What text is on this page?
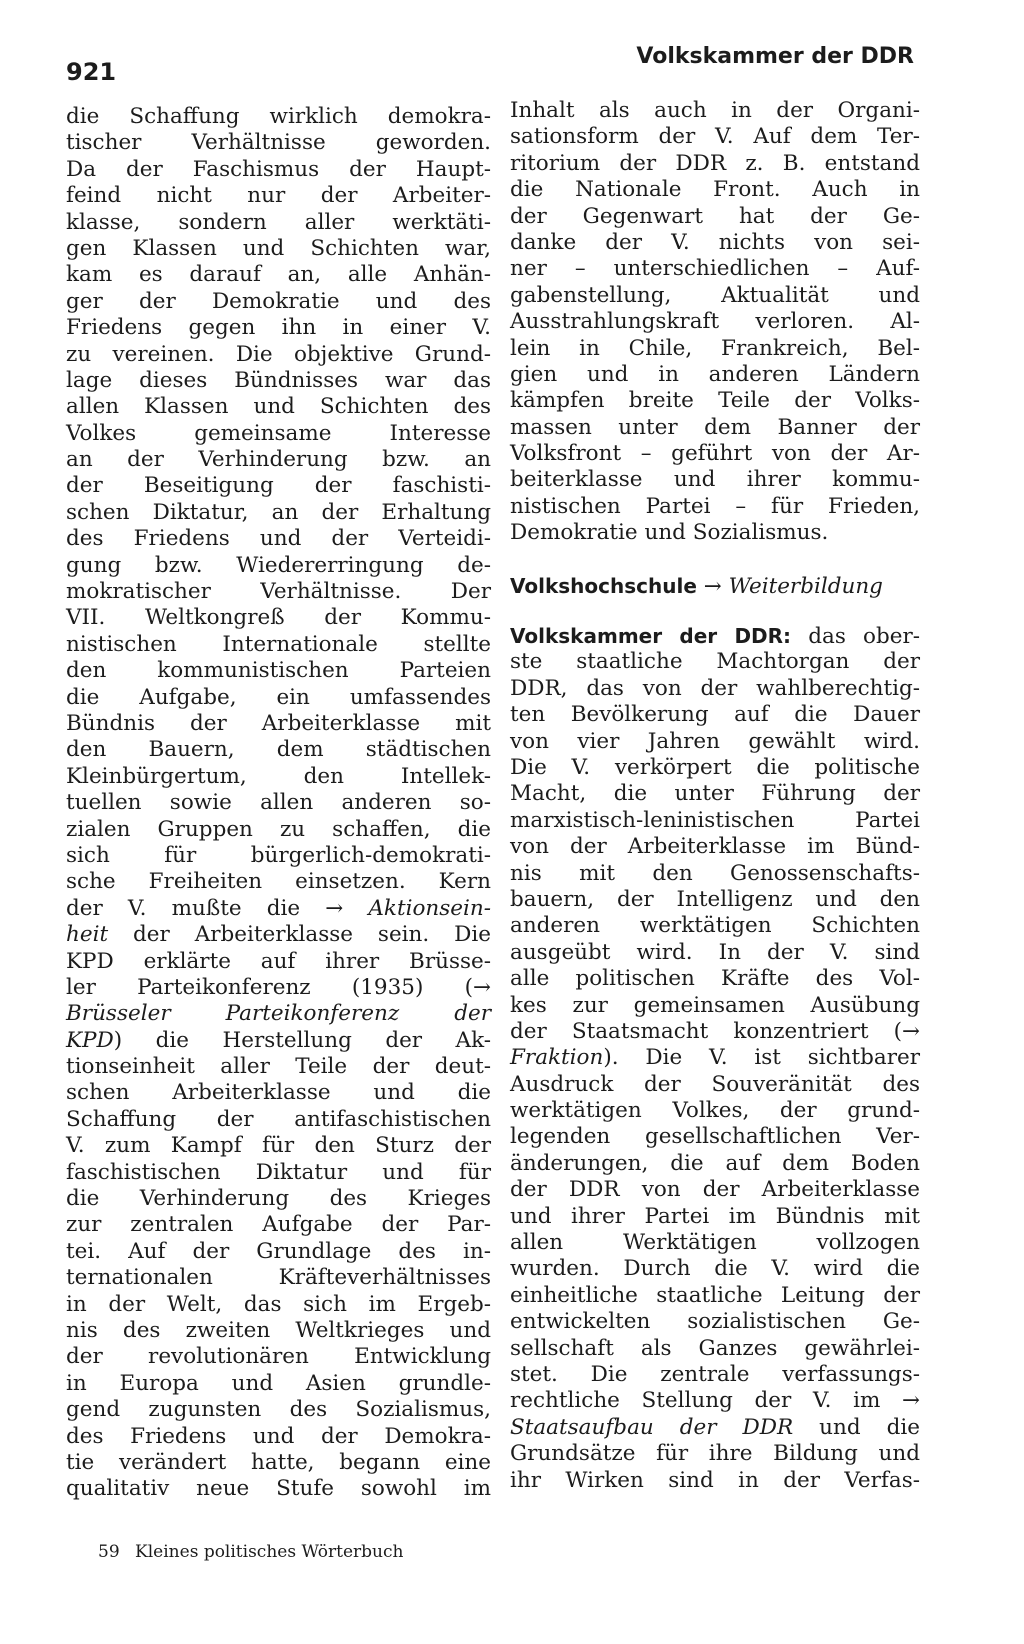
921
Volkskammer der DDR
die Schaffung wirklich demokra-
tischer Verhältnisse geworden.
Da der Faschismus der Haupt-
feind nicht nur der Arbeiter-
klasse, sondern aller werktäti-
gen Klassen und Schichten war,
kam es darauf an, alle Anhän-
ger der Demokratie und des
Friedens gegen ihn in einer V.
zu vereinen. Die objektive Grund-
lage dieses Bündnisses war das
allen Klassen und Schichten des
Volkes gemeinsame Interesse
an der Verhinderung bzw. an
der Beseitigung der faschisti-
schen Diktatur, an der Erhaltung
des Friedens und der Verteidi-
gung bzw. Wiedererringung de-
mokratischer Verhältnisse. Der
VII. Weltkongreß der Kommu-
nistischen Internationale stellte
den kommunistischen Parteien
die Aufgabe, ein umfassendes
Bündnis der Arbeiterklasse mit
den Bauern, dem städtischen
Kleinbürgertum, den Intellek-
tuellen sowie allen anderen so-
zialen Gruppen zu schaffen, die
sich für bürgerlich-demokrati-
sche Freiheiten einsetzen. Kern
der V. mußte die → Aktionsein-
heit der Arbeiterklasse sein. Die
KPD erklärte auf ihrer Brüsse-
ler Parteikonferenz (1935) (→
Brüsseler Parteikonferenz der
KPD) die Herstellung der Ak-
tionseinheit aller Teile der deut-
schen Arbeiterklasse und die
Schaffung der antifaschistischen
V. zum Kampf für den Sturz der
faschistischen Diktatur und für
die Verhinderung des Krieges
zur zentralen Aufgabe der Par-
tei. Auf der Grundlage des in-
ternationalen Kräfteverhältnisses
in der Welt, das sich im Ergeb-
nis des zweiten Weltkrieges und
der revolutionären Entwicklung
in Europa und Asien grundle-
gend zugunsten des Sozialismus,
des Friedens und der Demokra-
tie verändert hatte, begann eine
qualitativ neue Stufe sowohl im
Inhalt als auch in der Organi-
sationsform der V. Auf dem Ter-
ritorium der DDR z. B. entstand
die Nationale Front. Auch in
der Gegenwart hat der Ge-
danke der V. nichts von sei-
ner – unterschiedlichen – Auf-
gabenstellung, Aktualität und
Ausstrahlungskraft verloren. Al-
lein in Chile, Frankreich, Bel-
gien und in anderen Ländern
kämpfen breite Teile der Volks-
massen unter dem Banner der
Volksfront – geführt von der Ar-
beiterklasse und ihrer kommu-
nistischen Partei – für Frieden,
Demokratie und Sozialismus.
Volkshochschule → Weiterbildung
Volkskammer der DDR: das ober-
ste staatliche Machtorgan der
DDR, das von der wahlberechtig-
ten Bevölkerung auf die Dauer
von vier Jahren gewählt wird.
Die V. verkörpert die politische
Macht, die unter Führung der
marxistisch-leninistischen Partei
von der Arbeiterklasse im Bünd-
nis mit den Genossenschafts-
bauern, der Intelligenz und den
anderen werktätigen Schichten
ausgeübt wird. In der V. sind
alle politischen Kräfte des Vol-
kes zur gemeinsamen Ausübung
der Staatsmacht konzentriert (→
Fraktion). Die V. ist sichtbarer
Ausdruck der Souveränität des
werktätigen Volkes, der grund-
legenden gesellschaftlichen Ver-
änderungen, die auf dem Boden
der DDR von der Arbeiterklasse
und ihrer Partei im Bündnis mit
allen Werktätigen vollzogen
wurden. Durch die V. wird die
einheitliche staatliche Leitung der
entwickelten sozialistischen Ge-
sellschaft als Ganzes gewährlei-
stet. Die zentrale verfassungs-
rechtliche Stellung der V. im →
Staatsaufbau der DDR und die
Grundsätze für ihre Bildung und
ihr Wirken sind in der Verfas-
59 Kleines politisches Wörterbuch
